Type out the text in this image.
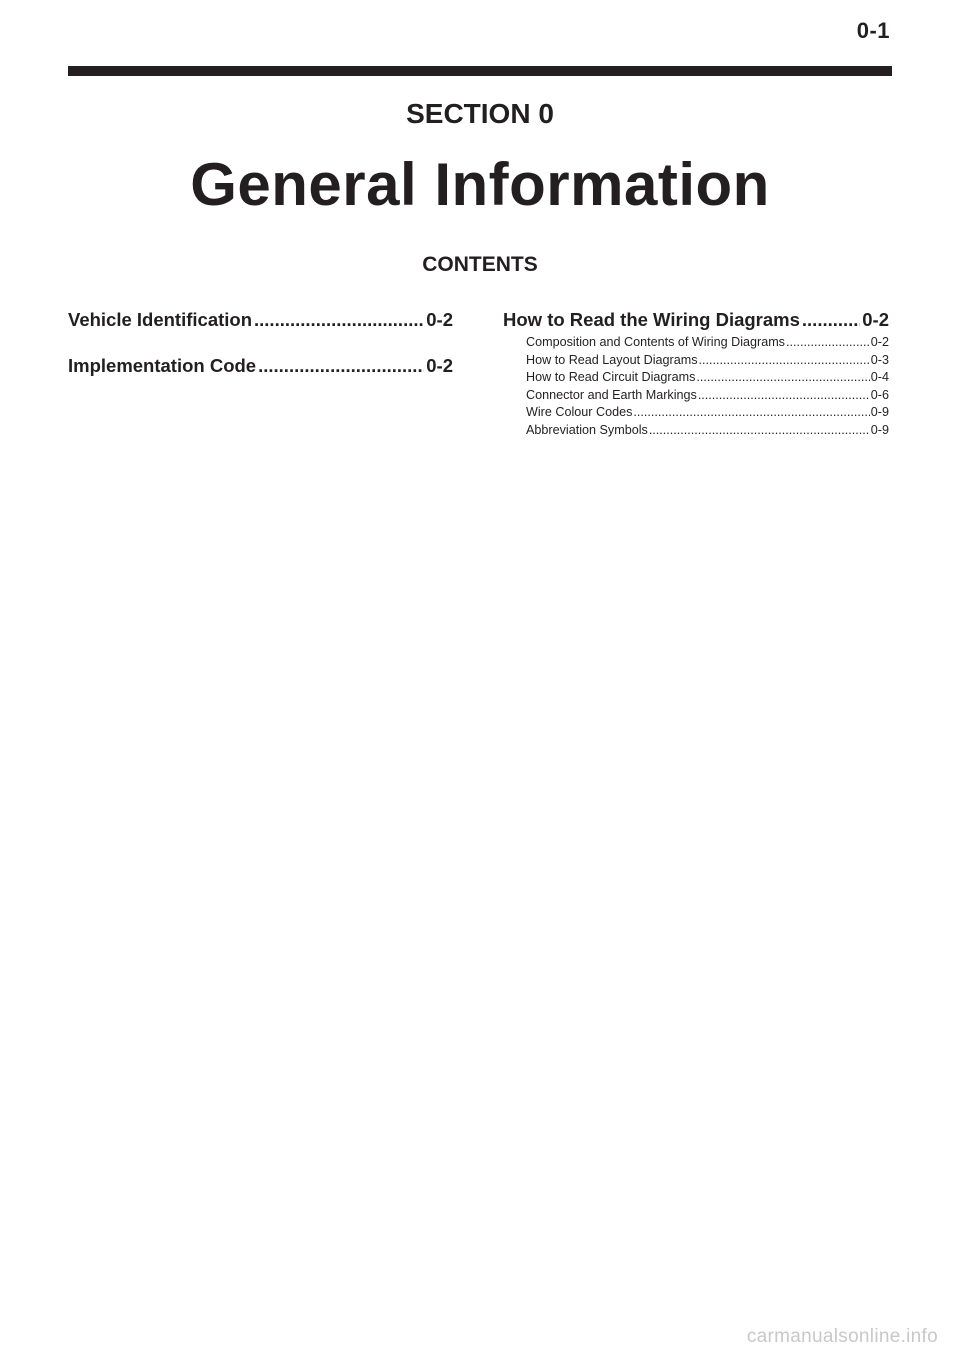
0-1
SECTION 0
General Information
CONTENTS
Vehicle Identification .....	0-2
Implementation Code .....	0-2
How to Read the Wiring Diagrams .....	0-2
Composition and Contents of Wiring Diagrams .....	0-2
How to Read Layout Diagrams .....	0-3
How to Read Circuit Diagrams .....	0-4
Connector and Earth Markings .....	0-6
Wire Colour Codes .....	0-9
Abbreviation Symbols .....	0-9
carmanualsonline.info
